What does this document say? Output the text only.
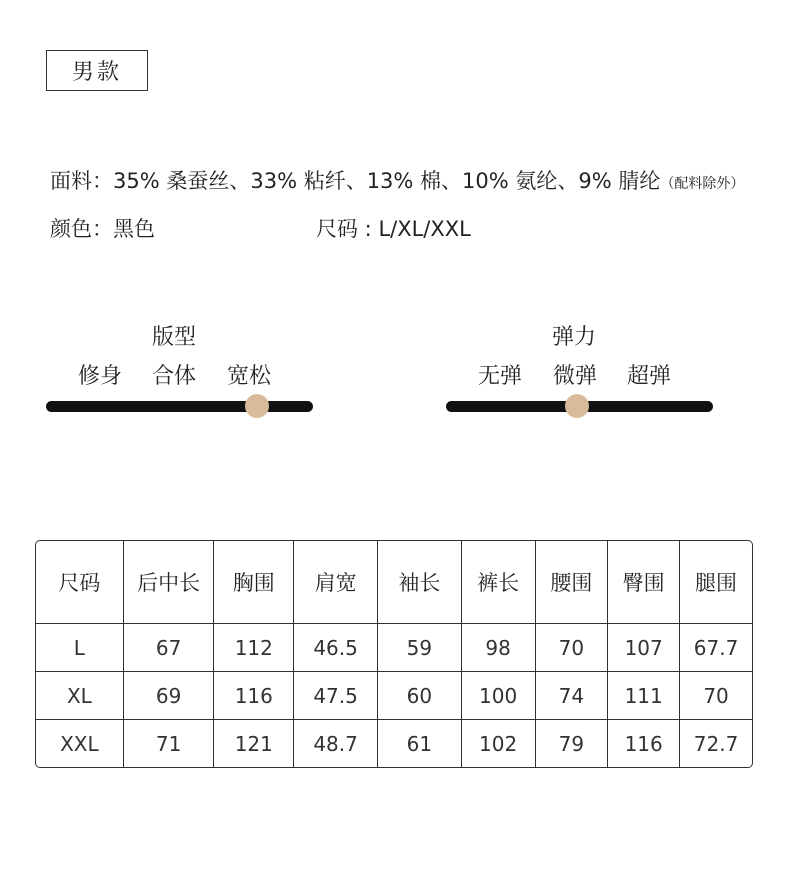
男款
面料：35% 桑蚕丝、33% 粘纤、13% 棉、10% 氨纶、9% 腈纶（配料除外）
颜色：黑色	尺码 : L/XL/XXL
版型
修身 合体 宽松
弹力
无弹 微弹 超弹
尺码	后中长	胸围	肩宽	袖长	裤长	腰围	臀围	腿围
L	67	112	46.5	59	98	70	107	67.7
XL	69	116	47.5	60	100	74	111	70
XXL	71	121	48.7	61	102	79	116	72.7
